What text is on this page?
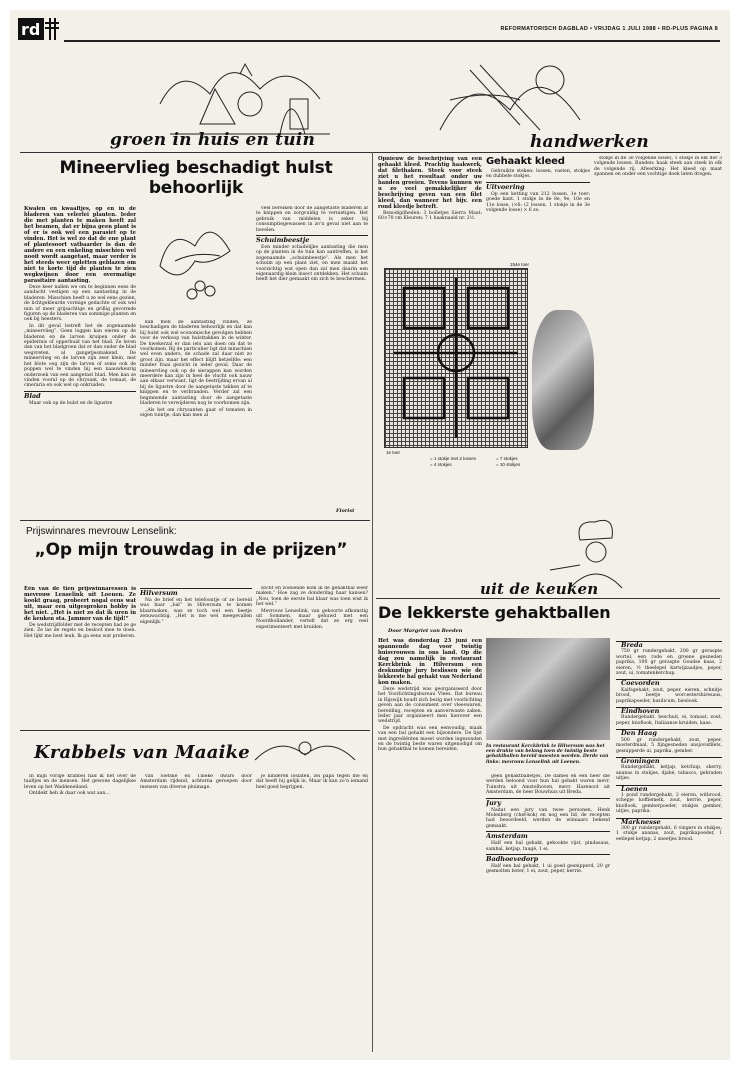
rd	REFORMATORISCH DAGBLAD • VRIJDAG 1 JULI 1988 • RD-PLUS PAGINA 8
groen in huis en tuin	handwerken
Mineervlieg beschadigt hulst behoorlijk

Kwalen en kwaaltjes, op en in de bladeren van velerlei planten. Ieder die met planten te maken heeft zal het beamen, dat er bijna geen plant is of er is ook wel een parasiet op te vinden. Het is wel zo dat de ene plant of plantesoort vatbaarder is dan de andere en een enkeling misschien wel nooit wordt aangetast, maar verder is het steeds weer opletten geblazen om niet te korte tijd de planten te zien wegkwijnen door een overmatige parasitaire aantasting.

Deze keer nallen we om te beginnen eens de aandacht vestigen op een aantasting in de bladeren. Misschien heeft u ze wel eens gezien, de lichtgekleurde vormige gedachte of ook wel min of meer grijsachtige en grillig gevormde figuren op de bladeren van sommige planten en ook bij heesters.

In dit geval betreft het de zogenaamde „mineervlieg”. Geen loggen kan eieren op de bladeren en de larven kruipen onder de epidermis of opperhuid van het blad. Ze leven dan van het bladgroen dat er dan onder de blad wegvreten, al gangetjesmakend. De mineervlieg en de larven zijn zeer klein, met het blote oog zijn de larven of soms ook de poppen wel te vinden bij een naauwkeurig onderzoek van een aangetast blad. Men kan ze vinden vooral op de chrysant, de tomaat, de cineraria en ook wel op onkruiden.

Blad

Maar ook op de hulst en de ligustre

kan men de aantasting vinden, ze beschadigen de bladeren behoorlijk en dat kan bij hulst ook wel economische gevolgen hebben voor de verkoop van hulsttakken in de winter. De kwekerzal er dan iets aan doen om dat te voorkomen. Bij de particulier ligt dat minschien wel even anders, de schade zal daar niet zo groot zijn, maar het effect blijft hetzelfde: een minder fraai gezicht in ieder geval. Daar de mineervlieg ook op de sierappen kan worden meerdere kan zijn in heel de vlucht ook nauw aan elkaar verwant, ligt de bestrijding ervan al bij de ligustre door de aangetaste takken af te knippen en te verbranden. Verder zal een beginnende aantasting door de aangetaste bladeren te verwijderen nog te voorkomen zijn.

„Als het om chrysanten gaat of tomaten in eigen tuintje, dan kan men al

veel bereiken door de aangetaste bladeren af te knippen en zorgvuldig te vernietigen. Het gebruik van middelen is zeker bij consumptiegewassen in zo’n geval niet aan te bevelen.

Schuimbeestje

Een minder schadelijke aantasting die men op de planten in de tuin kan aantreffen, is het zogenaamde „schuimbeestje”. Als men het schuim op een plant ziet, en men maakt het voorzichtig wat open dan zal men daarin een eigenaardig klein insect ontdekken. Het schuim heeft het dier gemaakt om zich te beschermen.

Florist
Prijswinnares mevrouw Lenselink:
„Op mijn trouwdag in de prijzen”

Eén van de tien prijswinnaressen is mevrouw Lenselink uit Loenen. Ze kookt graag, probeert nogal eens wat uit, maar een uitgesproken hobby is het niet. „Het is niet zo dat ik uren in de keuken sta. Jammer van de tijd!”

De wedstrijdfolder met de recepten had ze ge zien. Ze las de regels en besloot mee te doen. Het lijkt me best leuk. Ik ga eens wat proberen.

Hilversum

Na de brief en het telefoontje of ze bereid was haar „bal” in Hilversum te komen klaarmaken, was ze toch wel een beetje zenuwachtig. „Het is me wel meegevallen eigenlijk.”

zocht en zodoende kom ik de gehaktbal weer maken.” Hoe zag ze donderdag haar kansen? „Nou, toen de eerste bal klaar was toen wist ik het wel.”

Mevrouw Lenselink, van geboorte afkomstig uit Sommen, maar gehuwd met een Noordhollander, vertelt dat ze erg veel experimenteert met kruiden.

Krabbels van Maaike

In mijn vorige krabbel had ik het over de taaltjes en de mensen. Het gewone dagelijkse leven op het Waddeneiland.

Ontdekt heb ik daar ook wat aan...

van Sietske en Tineke dwars door Amsterdam rijdend, achterna geroepen door mensen van diverse pluimage.

je kinderen loslaten, zei papa tegen me en dat heeft hij gelijk in. Maar ik kan zo’n iemand heel goed begrijpen.

Opnieuw de beschrijving van een gehaakt kleed. Prachtig haakwerk, dat filethaken. Steek voor steek ziet u het resultaat onder uw handen groeien. Tevens kunnen we u zo veel gemakkelijker de beschrijving geven van een filet kleed, dan wanneer het bijv. een rond kleedje betreft.

Benodigdheden: 3 bolletjes Sierra Maat: 60×70 cm Kleuren: 7 1 haaknaald nr. 2½.

Gehaakt kleed

Gebruikte steken: lossen, vasten, stokjes en dubbele stokjes.

Uitvoering

Op een ketting van 212 lossen. 1e toer: goede kant. 1 stokje in de 8e, 9e, 10e en 11e losse, (×6: (2 lossen, 1 stokje in de 3e volgende losse) × 6 zo.

stokje in de 3e volgende losse), 1 stokje in elk der 3 volgende lossen. Randen: haak steek aan steek in elk de volgende rij. Afwerking: Het kleed op maat spannen en onder een vochtige doek laten drogen.

154e toer
1e toer
= 1 stokje met 2 lossen
= 4 stokjes
= 7 stokjes
= 10 stokjes
uit de keuken
De lekkerste gehaktballen
Door Margriet van Reeden

Het was donderdag 23 juni een spannende dag voor twintig huisvrouwen in ons land. Op die dag zou namelijk in restaurant Kerckbrink in Hilversum een deskundige jury beslissen wie de lekkerste bal gehakt van Nederland kon maken.

Deze wedstrijd was georganiseerd door het Voorlichtingsbureau Vlees. Dat bureau in Rijswijk houdt zich bezig met voorlichting geven aan de consument over vleeswaren, bereiding, recepten en aanverwante zaken. Ieder jaar organiseert men hierover een wedstrijd.

De opdracht was een eenvoudig, maak van een bal gehakt een bijzondere. De lijst met ingrediënten moest worden ingezonden en de twintig beste waren uitgenodigd om hun gehaktbal te komen bereiden.

In restaurant Kerckbrink te Hilversum was het een drukte van belang toen de twintig beste gehaktballen bereid moesten worden. Derde van links: mevrouw Lenselink uit Loenen.

geen gehaktballetjes. De dames en één heer die werden beloond voor hun bal gehakt waren mevr. Tuinstra uit Amstelhoven, mevr. Hazenoot uit Amsterdam, de heer Bouwhuis uit Breda.

Jury

Nadat een jury van twee personen, Henk Molenberg (chef-kok) en nog een lid, de recepten had beoordeeld, werden de winnaars bekend gemaakt.

Amsterdam

Half een bal gehakt, gekookte rijst, pindasaus, sambal, ketjap, taugé, 1 ei.

Badhoevedorp

Half een bal gehakt, 1 ui goed gesnipperd, 20 gr gesmolten boter, 1 ei, zout, peper, kerrie.

Breda

750 gr rundergehakt, 200 gr geraspte wortel, een rode en groene gesneden paprika, 100 gr geraspte Goudse kaas, 2 eieren, ½ theelepel karwijzaadjes, peper, zout, ui, tomatenketchup.

Coevorden

Kalfsgehakt, zout, peper, eieren, schnitje brood, beetje worcestershiresaus, paprikapoeder, basilicum, bieslook.

Eindhoven

Rundergehakt, beschuit, ei, tomaat, zout, peper, knoflook, Italiaanse kruiden, kaas.

Den Haag

500 gr rundergehakt, zout, peper, mosterdmaal, 5 fijngesneden ansjovisfilets, gesnipperde ui, paprika, gember.

Groningen

Rundergehakt, ketjap, ketchup, sherry, ananas in stukjes, djahé, tabasco, gebraden uitjes.

Loenen

1 pond rundergehakt, 2 eieren, witbrood, schepje koffiemelk, zout, kerrie, peper, knoflook, gemberpoeder, stukjes gember, uitjes, paprika.

Marknesse

300 gr rundergehakt, 6 vingers in stukjes, 1 stukje ananas, zout, paprikapoeder, 1 eetlepel ketjap, 2 sneetjes brood.
